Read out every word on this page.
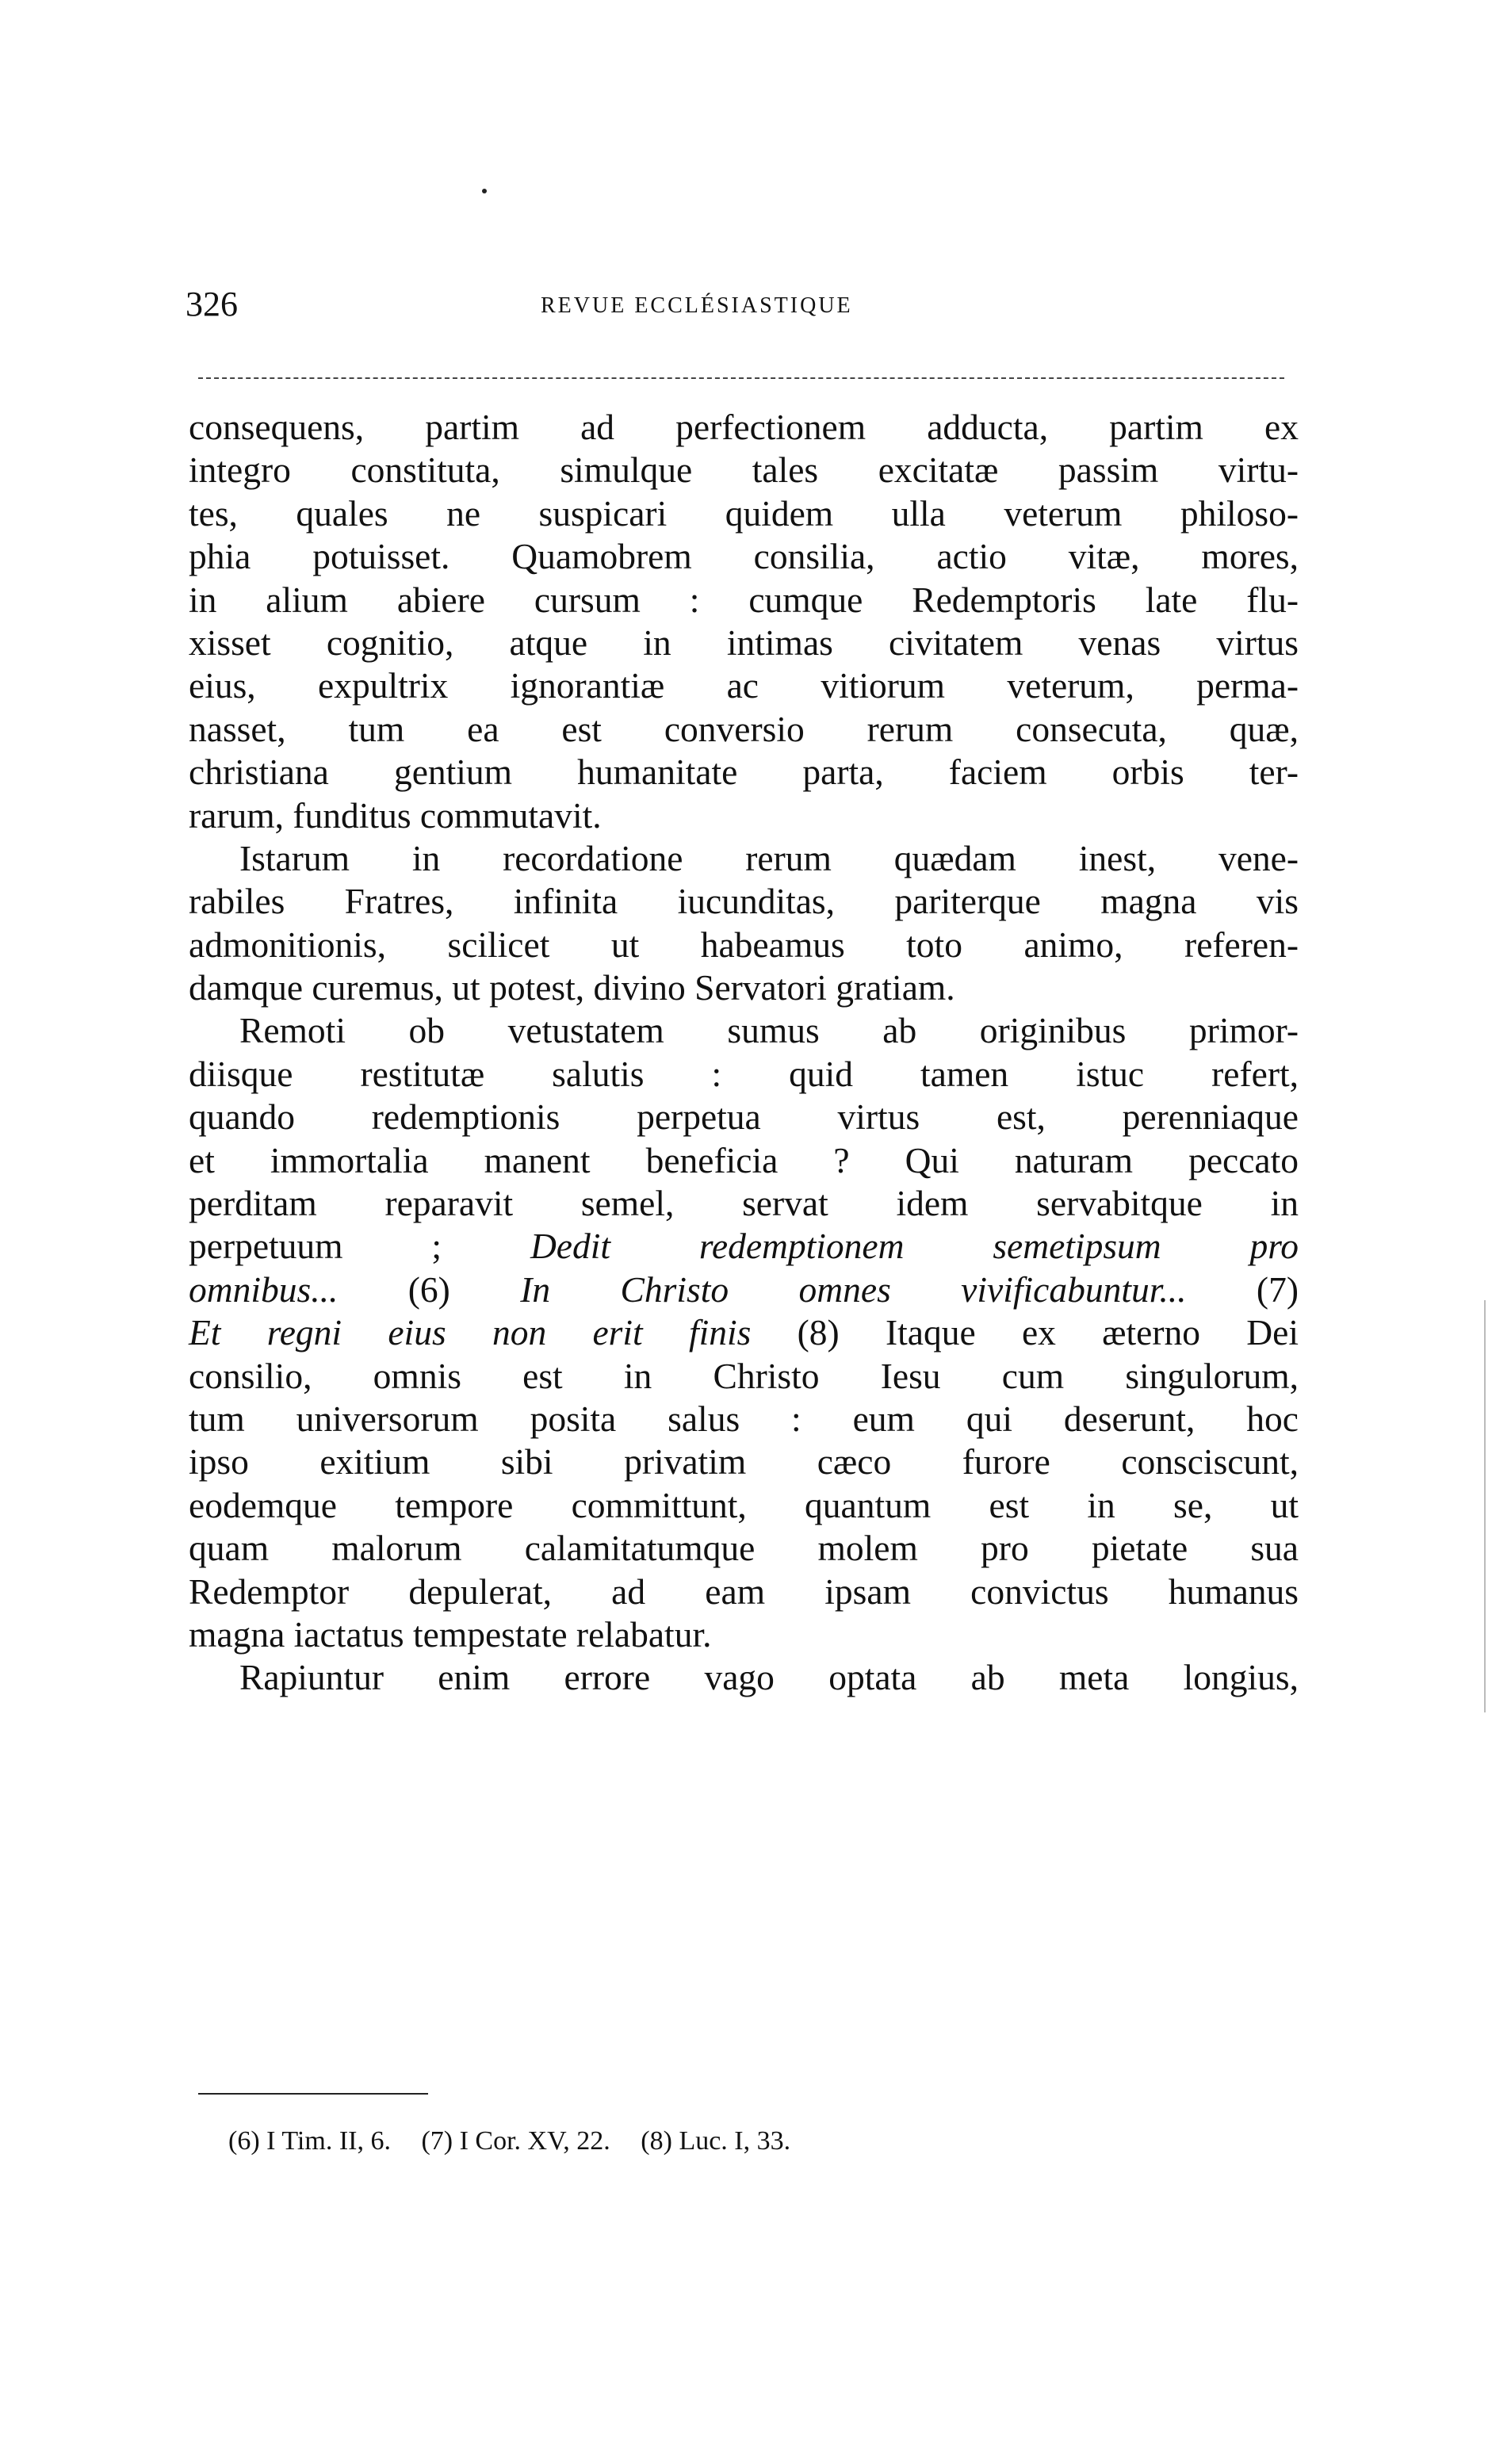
326	REVUE ECCLÉSIASTIQUE
consequens, partim ad perfectionem adducta, partim ex
integro constituta, simulque tales excitatæ passim virtu-
tes, quales ne suspicari quidem ulla veterum philoso-
phia potuisset. Quamobrem consilia, actio vitæ, mores,
in alium abiere cursum : cumque Redemptoris late flu-
xisset cognitio, atque in intimas civitatem venas virtus
eius, expultrix ignorantiæ ac vitiorum veterum, perma-
nasset, tum ea est conversio rerum consecuta, quæ,
christiana gentium humanitate parta, faciem orbis ter-
rarum, funditus commutavit.
Istarum in recordatione rerum quædam inest, vene-
rabiles Fratres, infinita iucunditas, pariterque magna vis
admonitionis, scilicet ut habeamus toto animo, referen-
damque curemus, ut potest, divino Servatori gratiam.
Remoti ob vetustatem sumus ab originibus primor-
diisque restitutæ salutis : quid tamen istuc refert,
quando redemptionis perpetua virtus est, perenniaque
et immortalia manent beneficia ? Qui naturam peccato
perditam reparavit semel, servat idem servabitque in
perpetuum ; Dedit redemptionem semetipsum pro
omnibus... (6) In Christo omnes vivificabuntur... (7)
Et regni eius non erit finis (8) Itaque ex æterno Dei
consilio, omnis est in Christo Iesu cum singulorum,
tum universorum posita salus : eum qui deserunt, hoc
ipso exitium sibi privatim cæco furore consciscunt,
eodemque tempore committunt, quantum est in se, ut
quam malorum calamitatumque molem pro pietate sua
Redemptor depulerat, ad eam ipsam convictus humanus
magna iactatus tempestate relabatur.
Rapiuntur enim errore vago optata ab meta longius,
(6) I Tim. II, 6. (7) I Cor. XV, 22. (8) Luc. I, 33.
